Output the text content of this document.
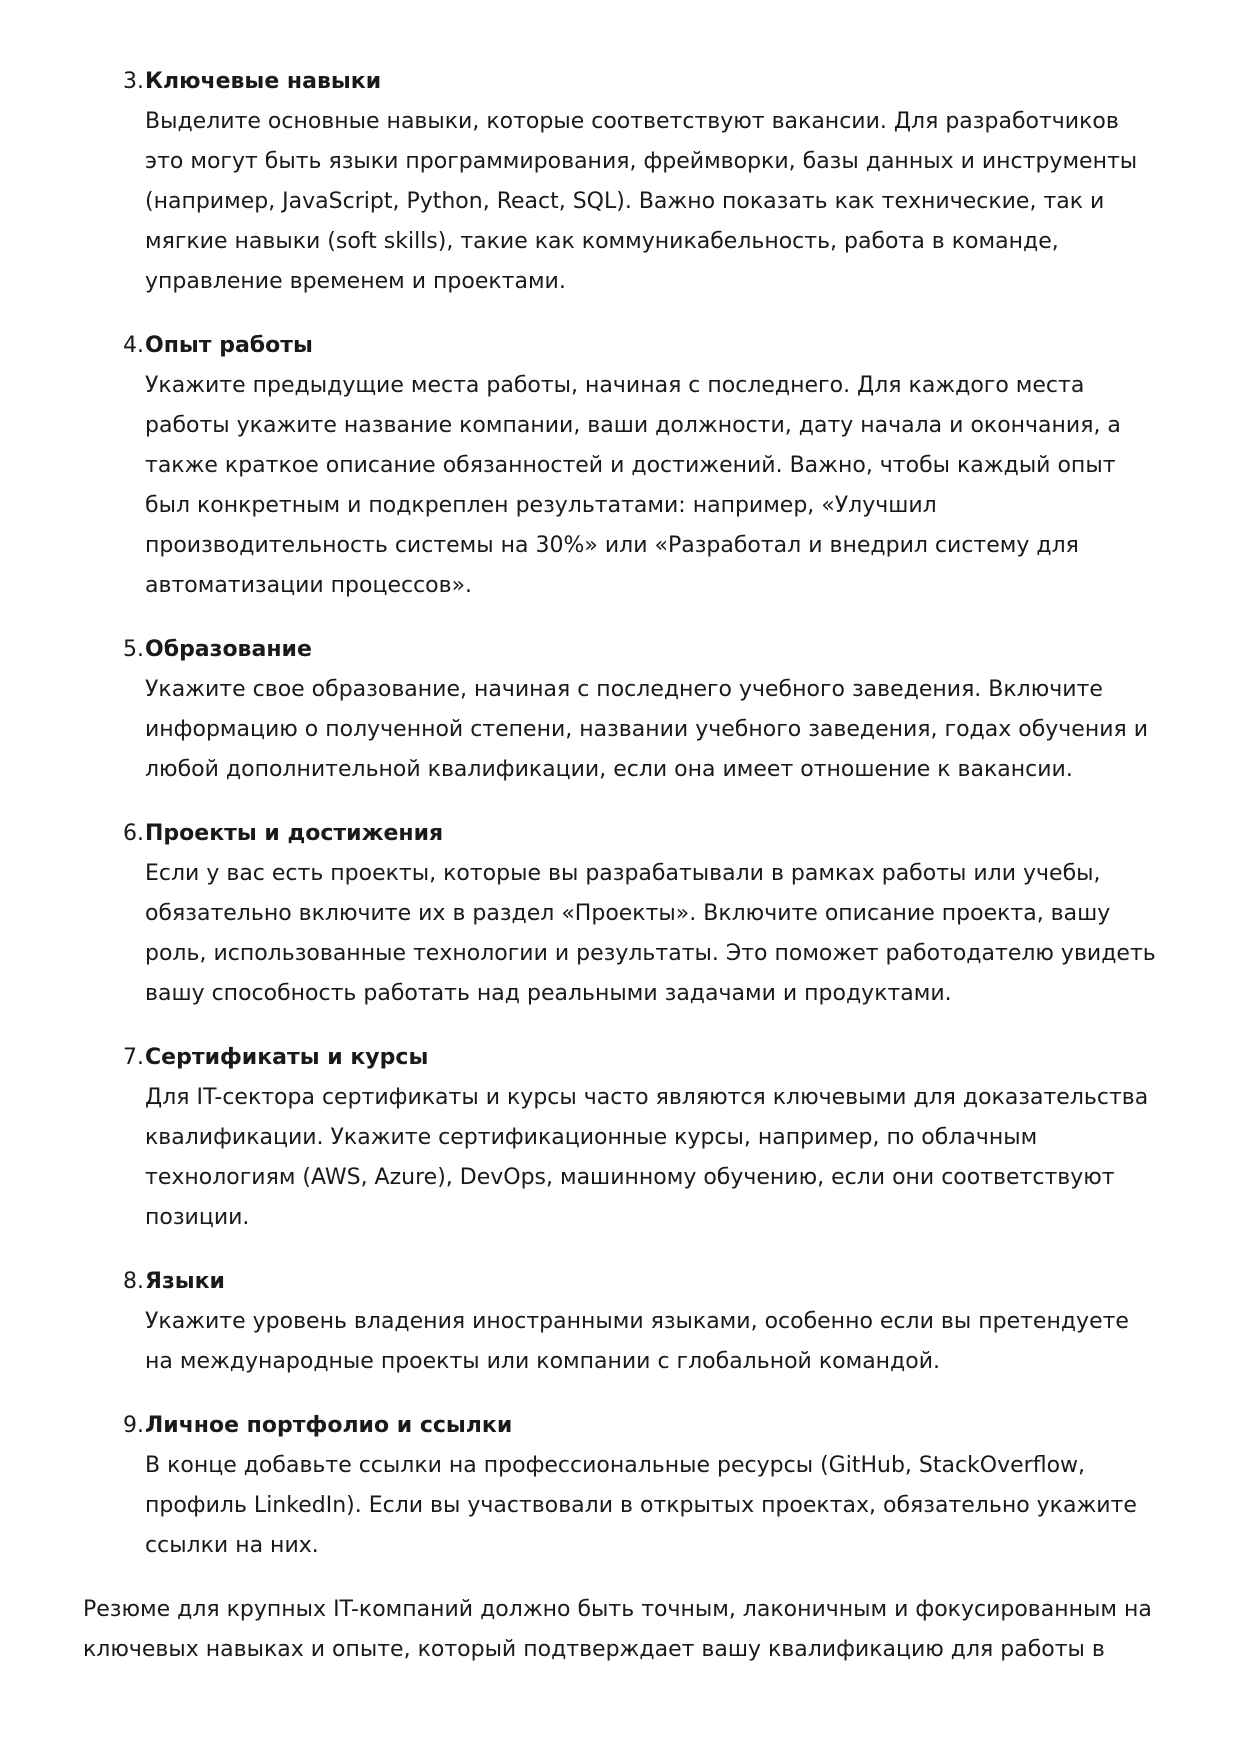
3. Ключевые навыки
Выделите основные навыки, которые соответствуют вакансии. Для разработчиков это могут быть языки программирования, фреймворки, базы данных и инструменты (например, JavaScript, Python, React, SQL). Важно показать как технические, так и мягкие навыки (soft skills), такие как коммуникабельность, работа в команде, управление временем и проектами.
4. Опыт работы
Укажите предыдущие места работы, начиная с последнего. Для каждого места работы укажите название компании, ваши должности, дату начала и окончания, а также краткое описание обязанностей и достижений. Важно, чтобы каждый опыт был конкретным и подкреплен результатами: например, «Улучшил производительность системы на 30%» или «Разработал и внедрил систему для автоматизации процессов».
5. Образование
Укажите свое образование, начиная с последнего учебного заведения. Включите информацию о полученной степени, названии учебного заведения, годах обучения и любой дополнительной квалификации, если она имеет отношение к вакансии.
6. Проекты и достижения
Если у вас есть проекты, которые вы разрабатывали в рамках работы или учебы, обязательно включите их в раздел «Проекты». Включите описание проекта, вашу роль, использованные технологии и результаты. Это поможет работодателю увидеть вашу способность работать над реальными задачами и продуктами.
7. Сертификаты и курсы
Для IT-сектора сертификаты и курсы часто являются ключевыми для доказательства квалификации. Укажите сертификационные курсы, например, по облачным технологиям (AWS, Azure), DevOps, машинному обучению, если они соответствуют позиции.
8. Языки
Укажите уровень владения иностранными языками, особенно если вы претендуете на международные проекты или компании с глобальной командой.
9. Личное портфолио и ссылки
В конце добавьте ссылки на профессиональные ресурсы (GitHub, StackOverflow, профиль LinkedIn). Если вы участвовали в открытых проектах, обязательно укажите ссылки на них.

Резюме для крупных IT-компаний должно быть точным, лаконичным и фокусированным на ключевых навыках и опыте, который подтверждает вашу квалификацию для работы в
